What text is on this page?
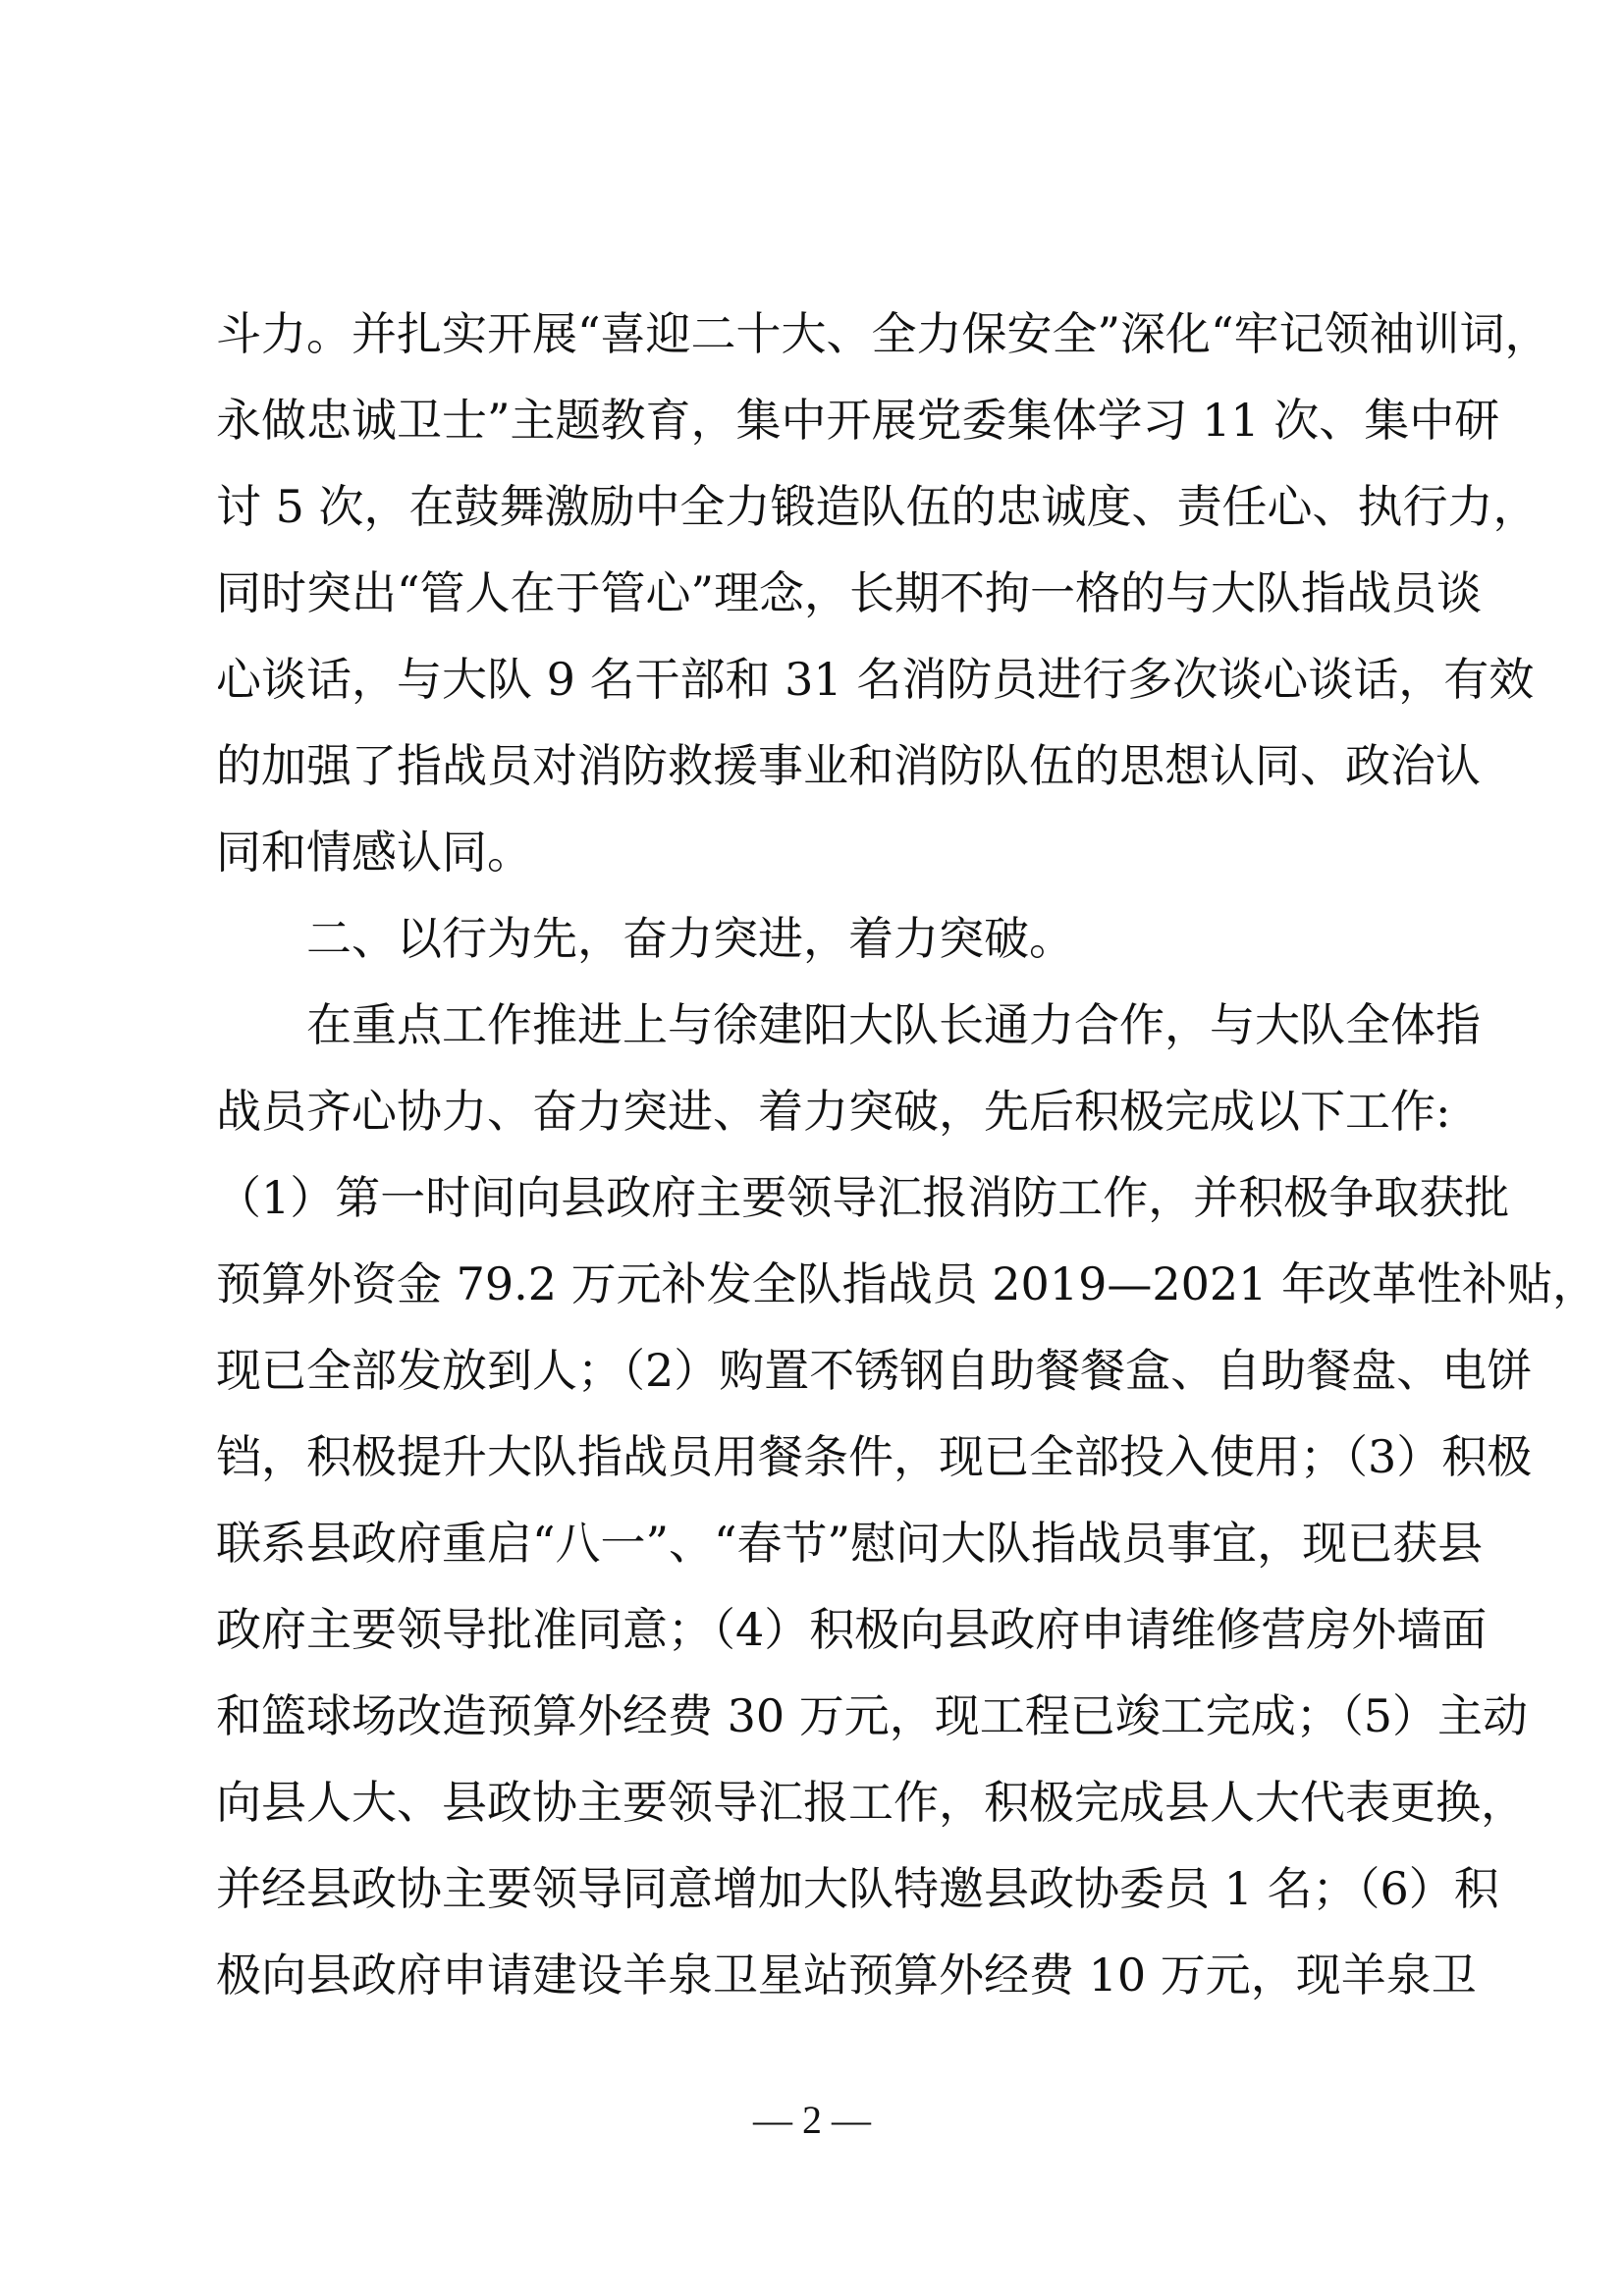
斗力。并扎实开展“喜迎二十大、全力保安全”深化“牢记领袖训词，
永做忠诚卫士”主题教育，集中开展党委集体学习 11 次、集中研
讨 5 次，在鼓舞激励中全力锻造队伍的忠诚度、责任心、执行力，
同时突出“管人在于管心”理念，长期不拘一格的与大队指战员谈
心谈话，与大队 9 名干部和 31 名消防员进行多次谈心谈话，有效
的加强了指战员对消防救援事业和消防队伍的思想认同、政治认
同和情感认同。
二、以行为先，奋力突进，着力突破。
在重点工作推进上与徐建阳大队长通力合作，与大队全体指
战员齐心协力、奋力突进、着力突破，先后积极完成以下工作:
（1）第一时间向县政府主要领导汇报消防工作，并积极争取获批
预算外资金 79.2 万元补发全队指战员 2019—2021 年改革性补贴，
现已全部发放到人；（2）购置不锈钢自助餐餐盒、自助餐盘、电饼
铛，积极提升大队指战员用餐条件，现已全部投入使用；（3）积极
联系县政府重启“八一”、“春节”慰问大队指战员事宜，现已获县
政府主要领导批准同意；（4）积极向县政府申请维修营房外墙面
和篮球场改造预算外经费 30 万元，现工程已竣工完成；（5）主动
向县人大、县政协主要领导汇报工作，积极完成县人大代表更换，
并经县政协主要领导同意增加大队特邀县政协委员 1 名；（6）积
极向县政府申请建设羊泉卫星站预算外经费 10 万元，现羊泉卫
— 2 —
